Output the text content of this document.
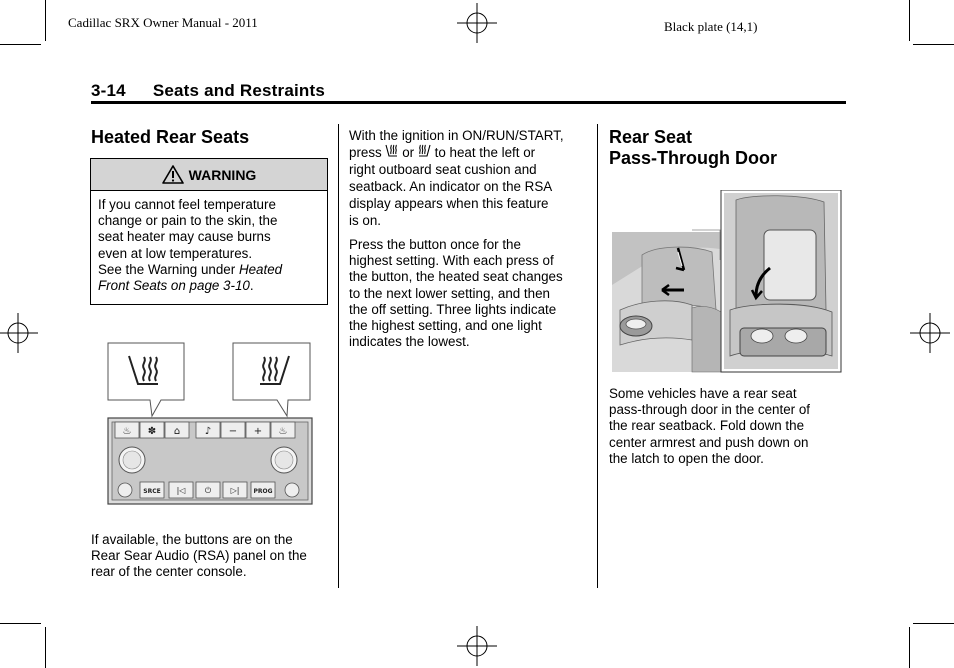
Cadillac SRX Owner Manual - 2011	Black plate (14,1)
3-14 Seats and Restraints
Heated Rear Seats
WARNING
If you cannot feel temperature
change or pain to the skin, the
seat heater may cause burns
even at low temperatures.
See the Warning under Heated
Front Seats on page 3-10.
♨ ✽ ⌂ ♪ − + ♨
SRCE	PROG
|◁ ⏻ ▷|
If available, the buttons are on the
Rear Sear Audio (RSA) panel on the
rear of the center console.

With the ignition in ON/RUN/START,
press or to heat the left or
right outboard seat cushion and
seatback. An indicator on the RSA
display appears when this feature
is on.

Press the button once for the
highest setting. With each press of
the button, the heated seat changes
to the next lower setting, and then
the off setting. Three lights indicate
the highest setting, and one light
indicates the lowest.

Rear Seat
Pass-Through Door
Some vehicles have a rear seat
pass-through door in the center of
the rear seatback. Fold down the
center armrest and push down on
the latch to open the door.
